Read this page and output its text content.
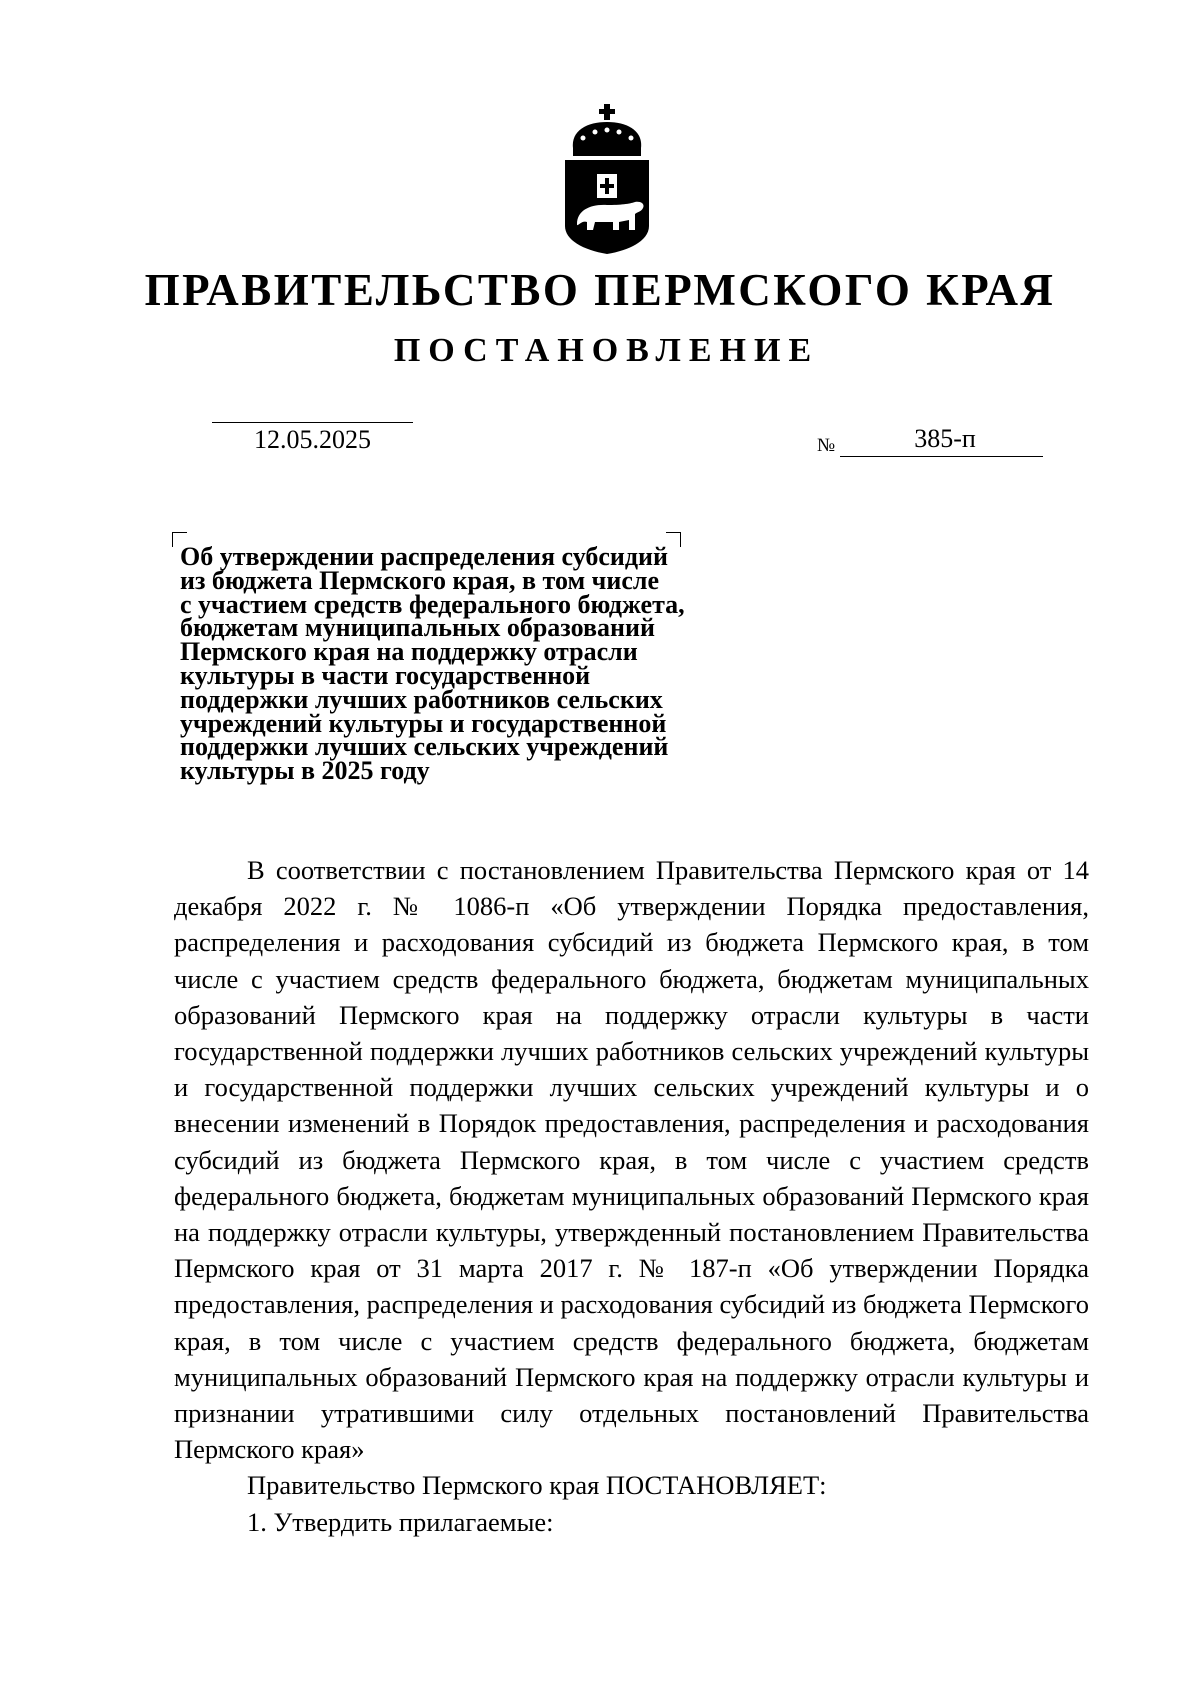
ПРАВИТЕЛЬСТВО ПЕРМСКОГО КРАЯ
ПОСТАНОВЛЕНИЕ
12.05.2025	№	385-п
Об утверждении распределения субсидий
из бюджета Пермского края, в том числе
с участием средств федерального бюджета,
бюджетам муниципальных образований
Пермского края на поддержку отрасли
культуры в части государственной
поддержки лучших работников сельских
учреждений культуры и государственной
поддержки лучших сельских учреждений
культуры в 2025 году

В соответствии с постановлением Правительства Пермского края от 14 декабря 2022 г. № 1086-п «Об утверждении Порядка предоставления, распределения и расходования субсидий из бюджета Пермского края, в том числе с участием средств федерального бюджета, бюджетам муниципальных образований Пермского края на поддержку отрасли культуры в части государственной поддержки лучших работников сельских учреждений культуры и государственной поддержки лучших сельских учреждений культуры и о внесении изменений в Порядок предоставления, распределения и расходования субсидий из бюджета Пермского края, в том числе с участием средств федерального бюджета, бюджетам муниципальных образований Пермского края на поддержку отрасли культуры, утвержденный постановлением Правительства Пермского края от 31 марта 2017 г. № 187-п «Об утверждении Порядка предоставления, распределения и расходования субсидий из бюджета Пермского края, в том числе с участием средств федерального бюджета, бюджетам муниципальных образований Пермского края на поддержку отрасли культуры и признании утратившими силу отдельных постановлений Правительства Пермского края»

Правительство Пермского края ПОСТАНОВЛЯЕТ:

1. Утвердить прилагаемые:
